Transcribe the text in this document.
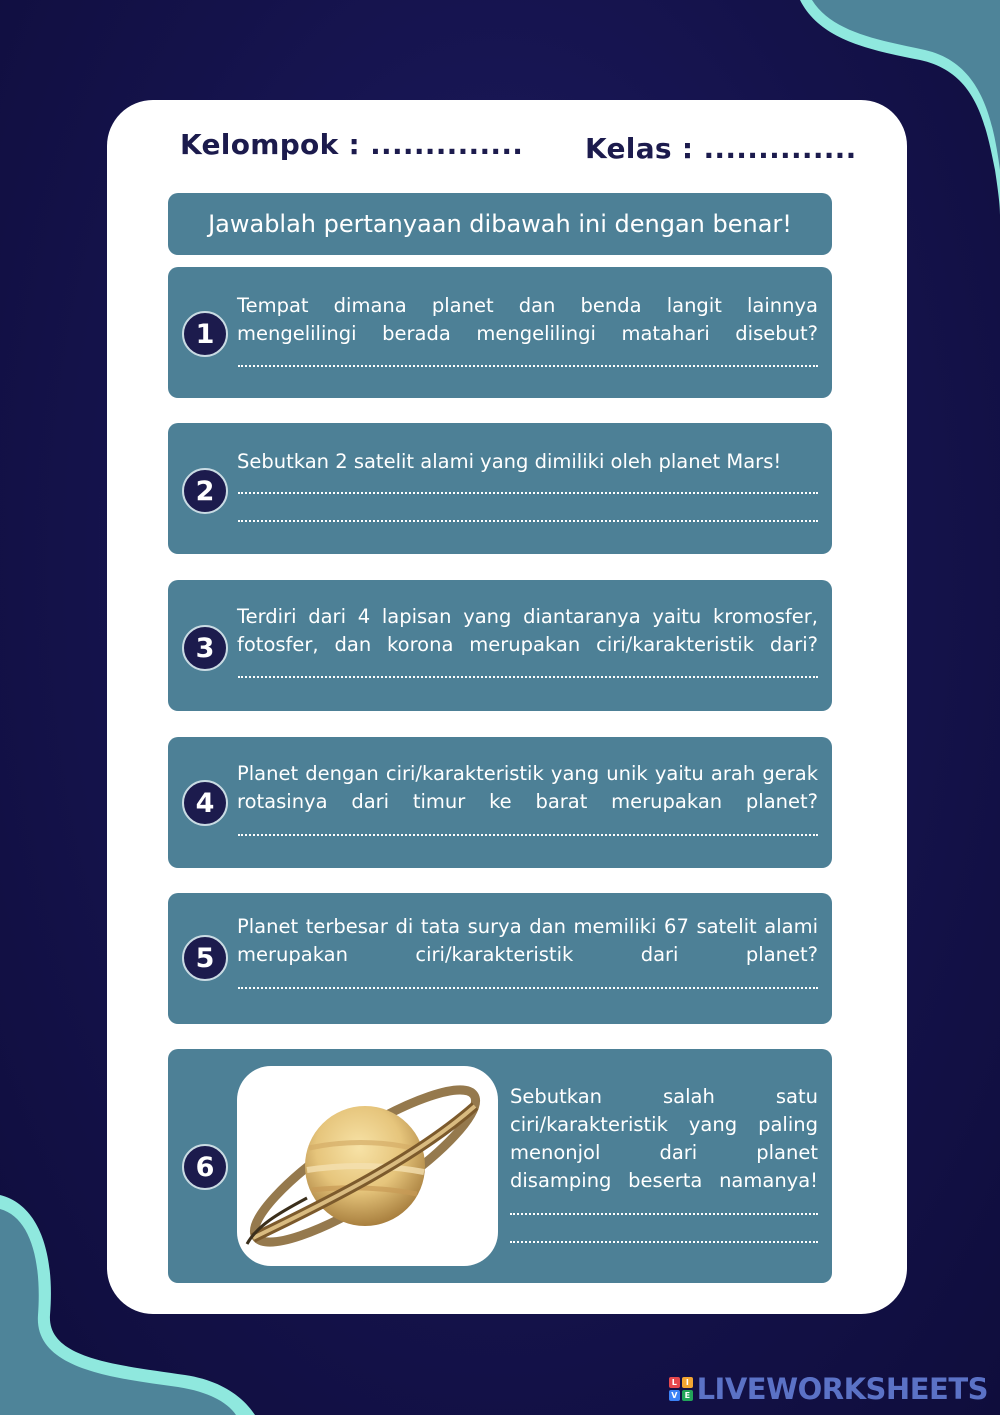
Kelompok : .............. Kelas : ..............
Jawablah pertanyaan dibawah ini dengan benar!
1
Tempat dimana planet dan benda langit lainnya mengelilingi berada mengelilingi matahari disebut?
2
Sebutkan 2 satelit alami yang dimiliki oleh planet Mars!
3
Terdiri dari 4 lapisan yang diantaranya yaitu kromosfer, fotosfer, dan korona merupakan ciri/karakteristik dari?
4
Planet dengan ciri/karakteristik yang unik yaitu arah gerak rotasinya dari timur ke barat merupakan planet?
5
Planet terbesar di tata surya dan memiliki 67 satelit alami merupakan ciri/karakteristik dari planet?
6
Sebutkan salah satu ciri/karakteristik yang paling menonjol dari planet disamping beserta namanya!
L	I
V E LIVEWORKSHEETS
